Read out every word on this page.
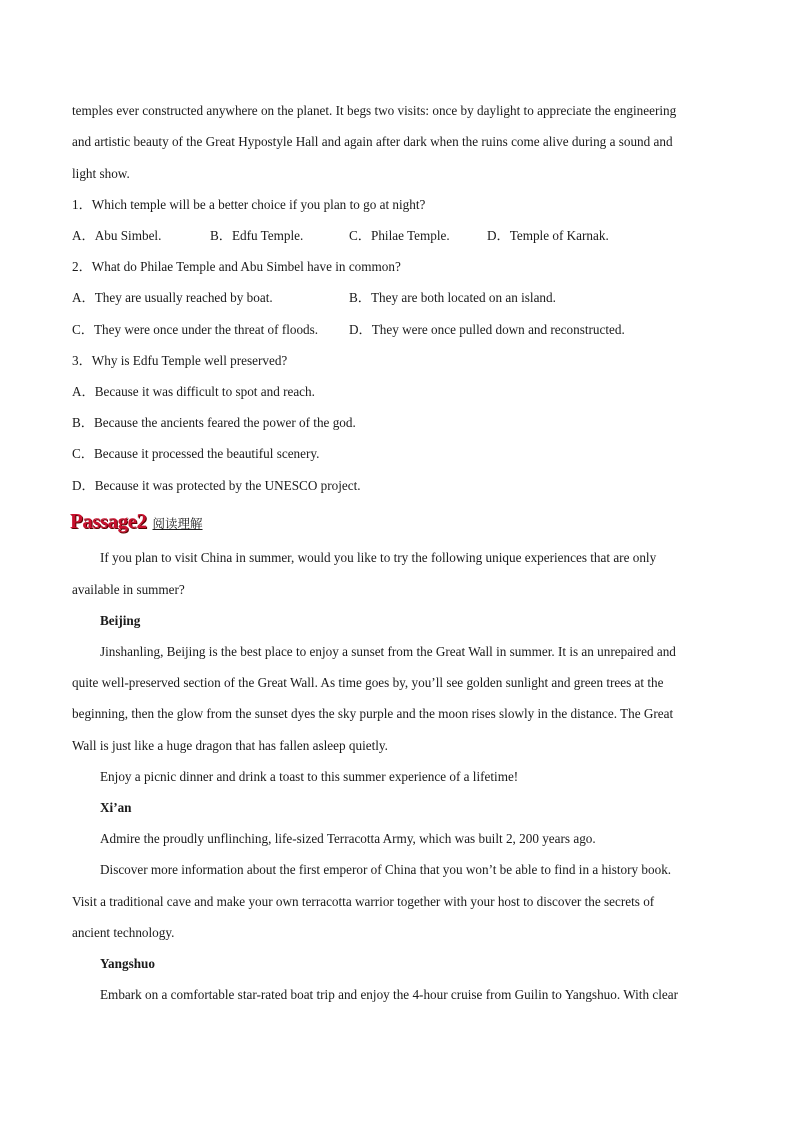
temples ever constructed anywhere on the planet. It begs two visits: once by daylight to appreciate the engineering
and artistic beauty of the Great Hypostyle Hall and again after dark when the ruins come alive during a sound and
light show.
1．Which temple will be a better choice if you plan to go at night?
A．Abu Simbel.	B．Edfu Temple.	C．Philae Temple.	D．Temple of Karnak.
2．What do Philae Temple and Abu Simbel have in common?
A．They are usually reached by boat.	B．They are both located on an island.
C．They were once under the threat of floods.	D．They were once pulled down and reconstructed.
3．Why is Edfu Temple well preserved?
A．Because it was difficult to spot and reach.
B．Because the ancients feared the power of the god.
C．Because it processed the beautiful scenery.
D．Because it was protected by the UNESCO project.
Passage2 阅读理解
If you plan to visit China in summer, would you like to try the following unique experiences that are only
available in summer?
Beijing
Jinshanling, Beijing is the best place to enjoy a sunset from the Great Wall in summer. It is an unrepaired and
quite well-preserved section of the Great Wall. As time goes by, you’ll see golden sunlight and green trees at the
beginning, then the glow from the sunset dyes the sky purple and the moon rises slowly in the distance. The Great
Wall is just like a huge dragon that has fallen asleep quietly.
Enjoy a picnic dinner and drink a toast to this summer experience of a lifetime!
Xi’an
Admire the proudly unflinching, life-sized Terracotta Army, which was built 2, 200 years ago.
Discover more information about the first emperor of China that you won’t be able to find in a history book.
Visit a traditional cave and make your own terracotta warrior together with your host to discover the secrets of
ancient technology.
Yangshuo
Embark on a comfortable star-rated boat trip and enjoy the 4-hour cruise from Guilin to Yangshuo. With clear
